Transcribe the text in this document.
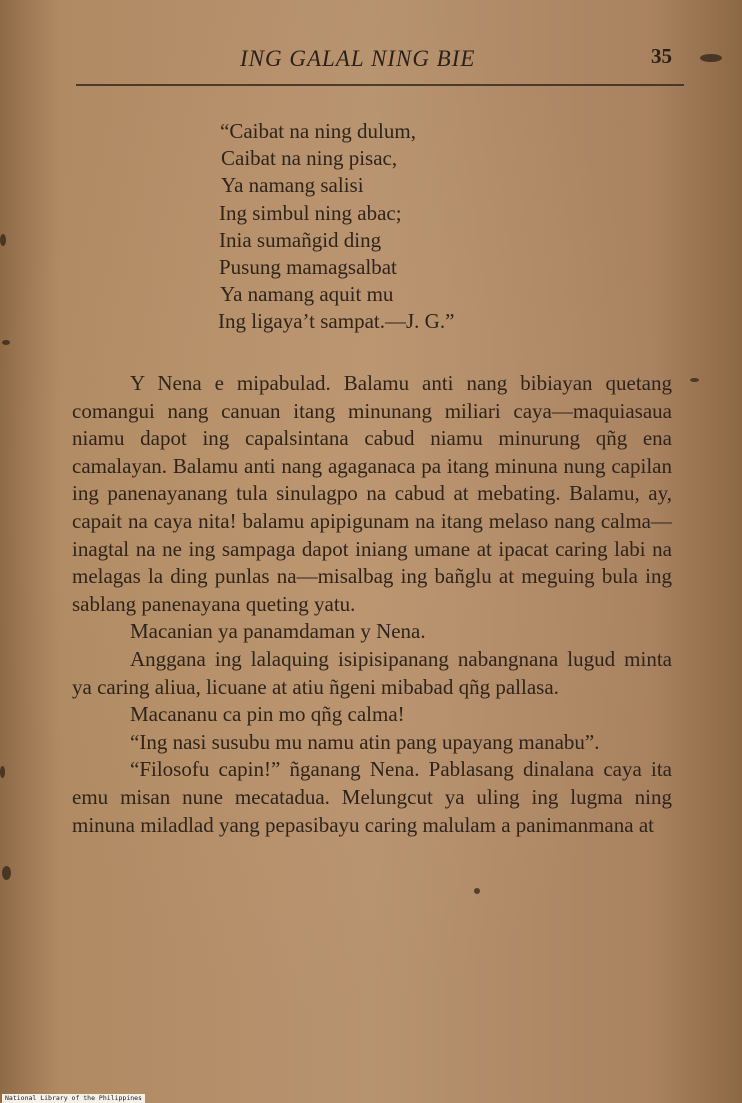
ING GALAL NING BIE	35
“Caibat na ning dulum,
Caibat na ning pisac,
Ya namang salisi
Ing simbul ning abac;
Inia sumañgid ding
Pusung mamagsalbat
Ya namang aquit mu
Ing ligaya’t sampat.—J. G.”

Y Nena e mipabulad. Balamu anti nang bibiayan quetang comangui nang canuan itang minunang miliari caya—maquiasaua niamu dapot ing capalsintana cabud niamu minurung qñg ena camalayan. Balamu anti nang agaganaca pa itang minuna nung capilan ing panenayanang tula sinulagpo na cabud at mebating. Balamu, ay, capait na caya nita! balamu apipigunam na itang melaso nang calma—inagtal na ne ing sampaga dapot iniang umane at ipacat caring labi na melagas la ding punlas na—misalbag ing bañglu at meguing bula ing sablang panenayana queting yatu.

Macanian ya panamdaman y Nena.

Anggana ing lalaquing isipisipanang nabangnana lugud minta ya caring aliua, licuane at atiu ñgeni mibabad qñg pallasa.

Macananu ca pin mo qñg calma!

“Ing nasi susubu mu namu atin pang upayang manabu”.

“Filosofu capin!” ñganang Nena. Pablasang dinalana caya ita emu misan nune mecatadua. Melungcut ya uling ing lugma ning minuna miladlad yang pepasibayu caring malulam a panimanmana at

National Library of the Philippines
